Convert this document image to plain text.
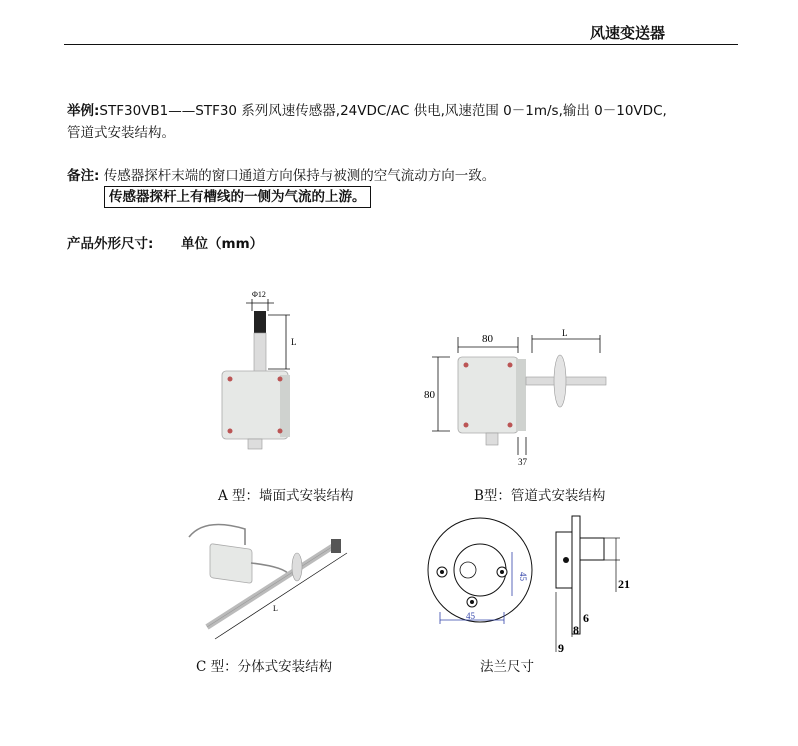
风速变送器
举例:STF30VB1——STF30 系列风速传感器,24VDC/AC 供电,风速范围 0－1m/s,输出 0－10VDC,
管道式安装结构。
备注: 传感器探杆末端的窗口通道方向保持与被测的空气流动方向一致。
传感器探杆上有槽线的一侧为气流的上游。
产品外形尺寸: 单位（mm）
Φ12
L
A 型：墙面式安装结构
80
80
L
37
B型：管道式安装结构
L
C 型：分体式安装结构
45
45
21
6
8
9
法兰尺寸
